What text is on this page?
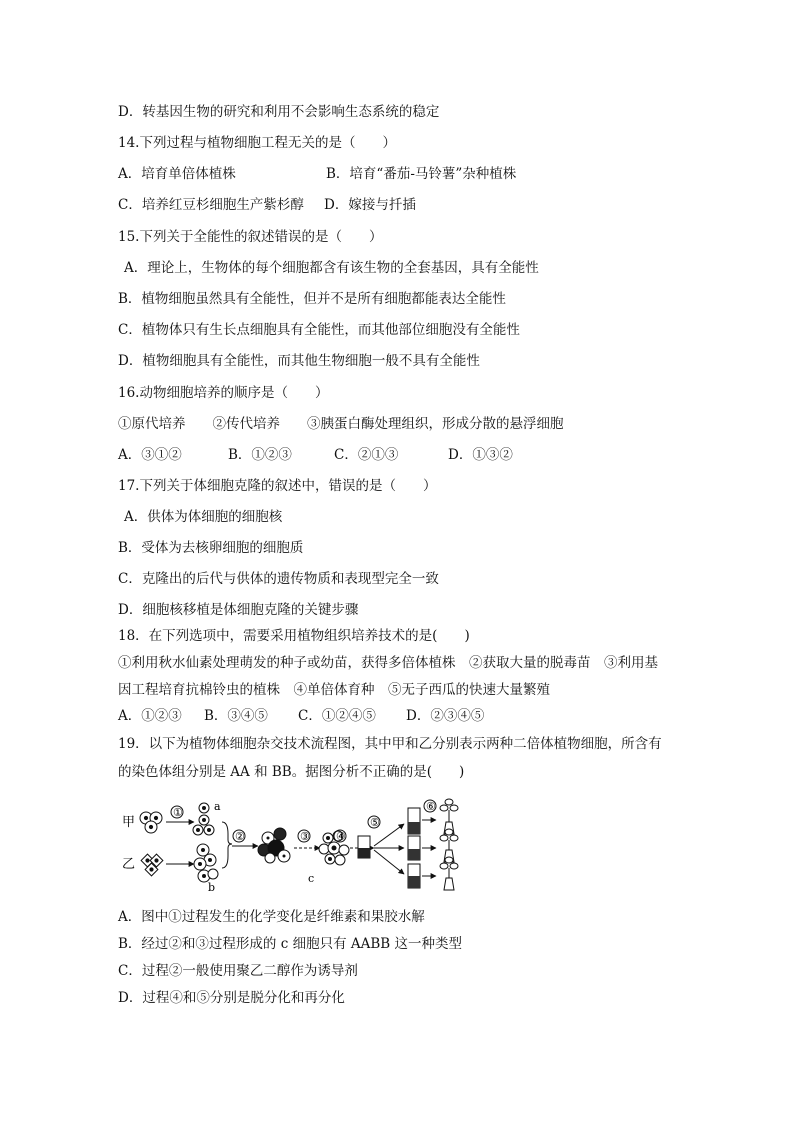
D．转基因生物的研究和利用不会影响生态系统的稳定
14.下列过程与植物细胞工程无关的是（　　）
A．培育单倍体植株	B．培育“番茄-马铃薯”杂种植株
C．培养红豆杉细胞生产紫杉醇 D．嫁接与扦插
15.下列关于全能性的叙述错误的是（　　）
A．理论上，生物体的每个细胞都含有该生物的全套基因，具有全能性
B．植物细胞虽然具有全能性，但并不是所有细胞都能表达全能性
C．植物体只有生长点细胞具有全能性，而其他部位细胞没有全能性
D．植物细胞具有全能性，而其他生物细胞一般不具有全能性
16.动物细胞培养的顺序是（　　）
①原代培养　　②传代培养　　③胰蛋白酶处理组织，形成分散的悬浮细胞
A．③①②	B．①②③	C．②①③	D．①③②
17.下列关于体细胞克隆的叙述中，错误的是（　　）
A．供体为体细胞的细胞核
B．受体为去核卵细胞的细胞质
C．克隆出的后代与供体的遗传物质和表现型完全一致
D．细胞核移植是体细胞克隆的关键步骤
18．在下列选项中，需要采用植物组织培养技术的是(　　)
①利用秋水仙素处理萌发的种子或幼苗，获得多倍体植株　②获取大量的脱毒苗　③利用基
因工程培育抗棉铃虫的植株　④单倍体育种　⑤无子西瓜的快速大量繁殖
A．①②③ B．③④⑤ C．①②④⑤ D．②③④⑤
19．以下为植物体细胞杂交技术流程图，其中甲和乙分别表示两种二倍体植物细胞，所含有
的染色体组分别是 AA 和 BB。据图分析不正确的是(　　)
甲
①	a
乙
b
②	③
c
④
⑤
⑥
A．图中①过程发生的化学变化是纤维素和果胶水解
B．经过②和③过程形成的 c 细胞只有 AABB 这一种类型
C．过程②一般使用聚乙二醇作为诱导剂
D．过程④和⑤分别是脱分化和再分化
